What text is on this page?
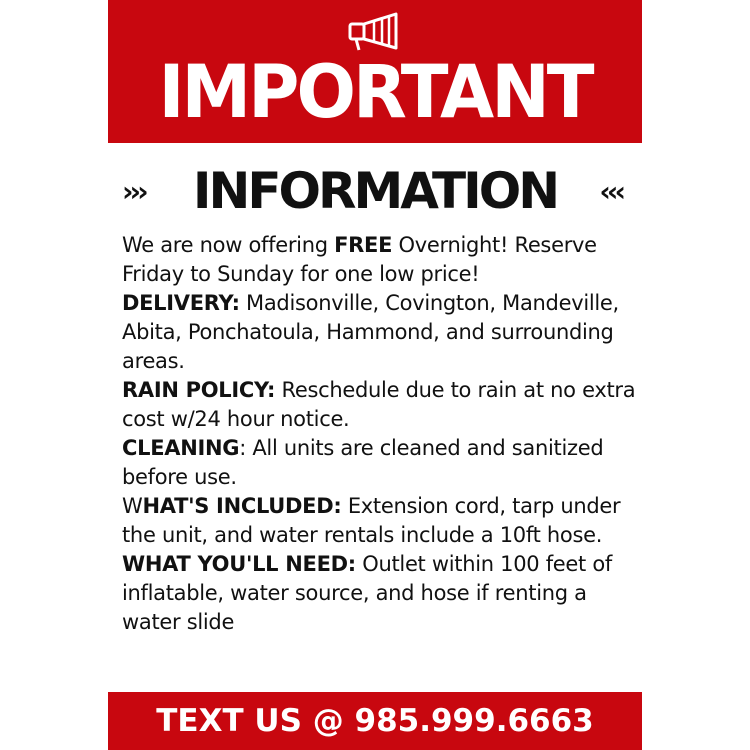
IMPORTANT
››› INFORMATION	‹‹‹

We are now offering FREE Overnight! Reserve Friday to Sunday for one low price!

DELIVERY: Madisonville, Covington, Mandeville, Abita, Ponchatoula, Hammond, and surrounding areas.

RAIN POLICY: Reschedule due to rain at no extra cost w/24 hour notice.

CLEANING: All units are cleaned and sanitized before use.

WHAT'S INCLUDED: Extension cord, tarp under the unit, and water rentals include a 10ft hose.

WHAT YOU'LL NEED: Outlet within 100 feet of inflatable, water source, and hose if renting a water slide

TEXT US @ 985.999.6663
